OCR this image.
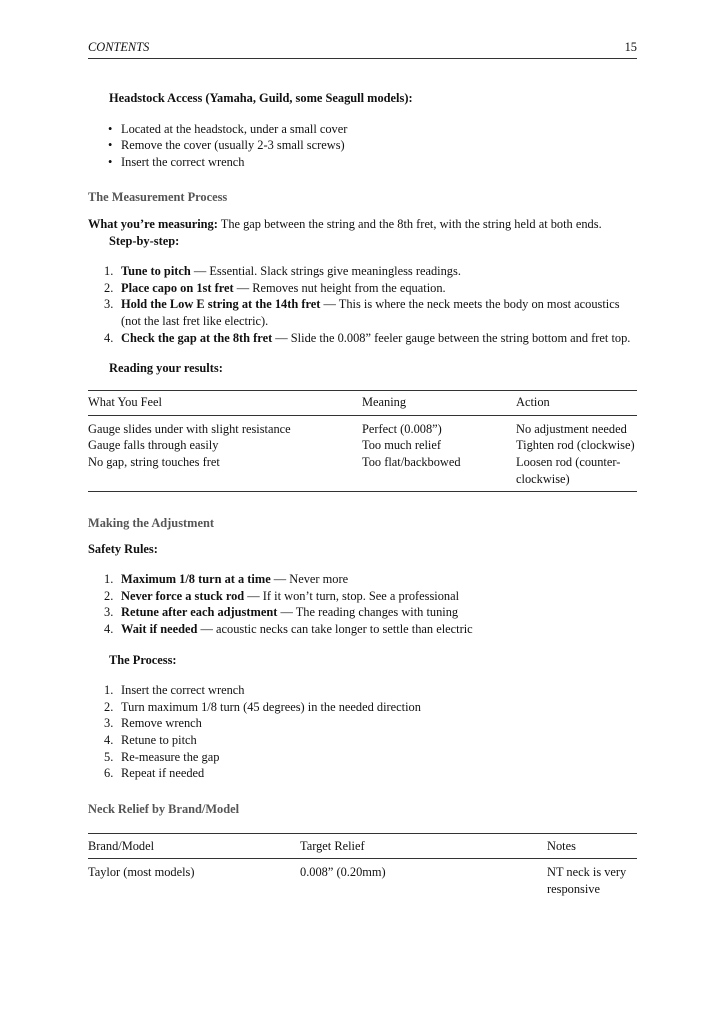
CONTENTS	15
Headstock Access (Yamaha, Guild, some Seagull models):
• Located at the headstock, under a small cover
• Remove the cover (usually 2-3 small screws)
• Insert the correct wrench
The Measurement Process

What you’re measuring: The gap between the string and the 8th fret, with the string held at both ends.

Step-by-step:
1. Tune to pitch — Essential. Slack strings give meaningless readings.
2. Place capo on 1st fret — Removes nut height from the equation.
3. Hold the Low E string at the 14th fret — This is where the neck meets the body on most acoustics (not the last fret like electric).
4. Check the gap at the 8th fret — Slide the 0.008” feeler gauge between the string bottom and fret top.
Reading your results:
What You Feel	Meaning	Action
Gauge slides under with slight resistance	Perfect (0.008”)	No adjustment needed
Gauge falls through easily	Too much relief	Tighten rod (clockwise)
No gap, string touches fret	Too flat/backbowed	Loosen rod (counter-clockwise)
Making the Adjustment
Safety Rules:
1. Maximum 1/8 turn at a time — Never more
2. Never force a stuck rod — If it won’t turn, stop. See a professional
3. Retune after each adjustment — The reading changes with tuning
4. Wait if needed — acoustic necks can take longer to settle than electric
The Process:
1. Insert the correct wrench
2. Turn maximum 1/8 turn (45 degrees) in the needed direction
3. Remove wrench
4. Retune to pitch
5. Re-measure the gap
6. Repeat if needed
Neck Relief by Brand/Model
Brand/Model	Target Relief	Notes
Taylor (most models)	0.008” (0.20mm)	NT neck is very responsive
